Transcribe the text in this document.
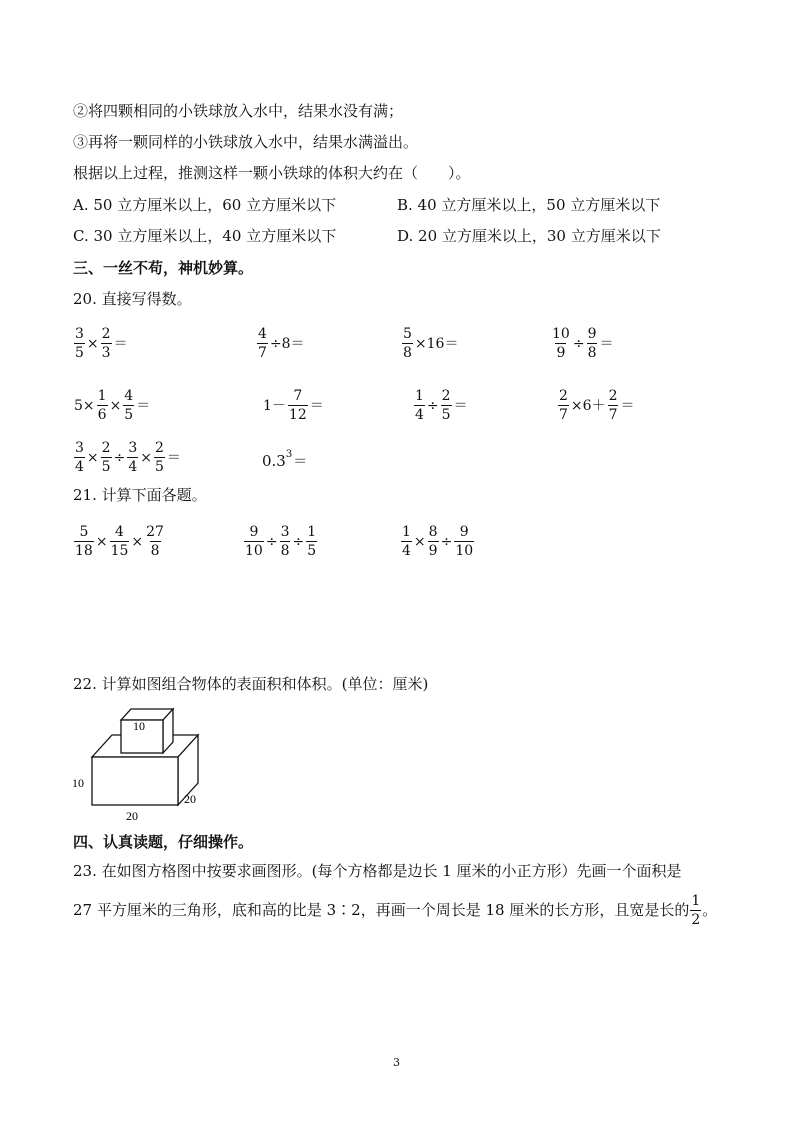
②将四颗相同的小铁球放入水中，结果水没有满；
③再将一颗同样的小铁球放入水中，结果水满溢出。
根据以上过程，推测这样一颗小铁球的体积大约在（　　）。
A. 50 立方厘米以上，60 立方厘米以下	B. 40 立方厘米以上，50 立方厘米以下
C. 30 立方厘米以上，40 立方厘米以下	D. 20 立方厘米以上，30 立方厘米以下
三、一丝不苟，神机妙算。
20. 直接写得数。
$\frac{3}{5} \times \frac{2}{3}$ ＝	$\frac{4}{7} \div 8=$	$\frac{5}{8} \times 16=$	$\frac{10}{9} \div \frac{9}{8}$ ＝
$5\times \frac{1}{6} \times \frac{4}{5}$ ＝	$1- \frac{7}{12}$ ＝	$\frac{1}{4} \div \frac{2}{5}$ ＝	$\frac{2}{7} \times 6+ \frac{2}{7}$ ＝
$\frac{3}{4} \times \frac{2}{5} \div \frac{3}{4} \times \frac{2}{5}$ ＝	0.3 3 ＝
21. 计算下面各题。
$\frac{5}{18} \times \frac{4}{15} \times \frac{27}{8}$	$\frac{9}{10} \div \frac{3}{8} \div \frac{1}{5}$	$\frac{1}{4} \times \frac{8}{9} \div \frac{9}{10}$
22. 计算如图组合物体的表面积和体积。(单位：厘米)
10
10
20
20
四、认真读题，仔细操作。
23. 在如图方格图中按要求画图形。(每个方格都是边长 1 厘米的小正方形）先画一个面积是
27 平方厘米的三角形，底和高的比是 3∶2，再画一个周长是 18 厘米的长方形，且宽是长的 $\frac{1}{2}$ 。
3
